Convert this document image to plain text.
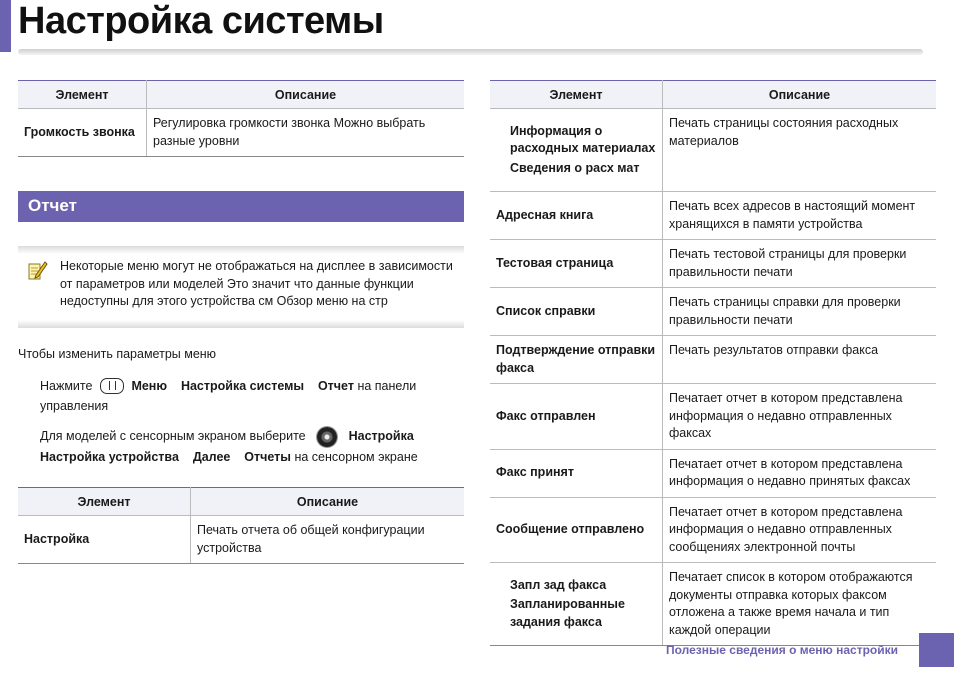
Настройка системы
Элемент	Описание
Громкость звонка	Регулировка громкости звонка Можно выбрать разные уровни
Отчет
Некоторые меню могут не отображаться на дисплее в зависимости от параметров или моделей Это значит что данные функции недоступны для этого устройства см Обзор меню на стр
Чтобы изменить параметры меню
Нажмите	Меню Настройка системы Отчет на панели управления
Для моделей с сенсорным экраном выберите	Настройка Настройка устройства Далее Отчеты на сенсорном экране
Элемент	Описание
Настройка	Печать отчета об общей конфигурации устройства
Элемент	Описание

Информация о расходных материалах
Сведения о расх мат	Печать страницы состояния расходных материалов
Адресная книга	Печать всех адресов в настоящий момент хранящихся в памяти устройства
Тестовая страница	Печать тестовой страницы для проверки правильности печати
Список справки	Печать страницы справки для проверки правильности печати
Подтверждение отправки факса	Печать результатов отправки факса
Факс отправлен	Печатает отчет в котором представлена информация о недавно отправленных факсах
Факс принят	Печатает отчет в котором представлена информация о недавно принятых факсах
Сообщение отправлено	Печатает отчет в котором представлена информация о недавно отправленных сообщениях электронной почты

Запл зад факса
Запланированные задания факса	Печатает список в котором отображаются документы отправка которых факсом отложена а также время начала и тип каждой операции
Полезные сведения о меню настройки
